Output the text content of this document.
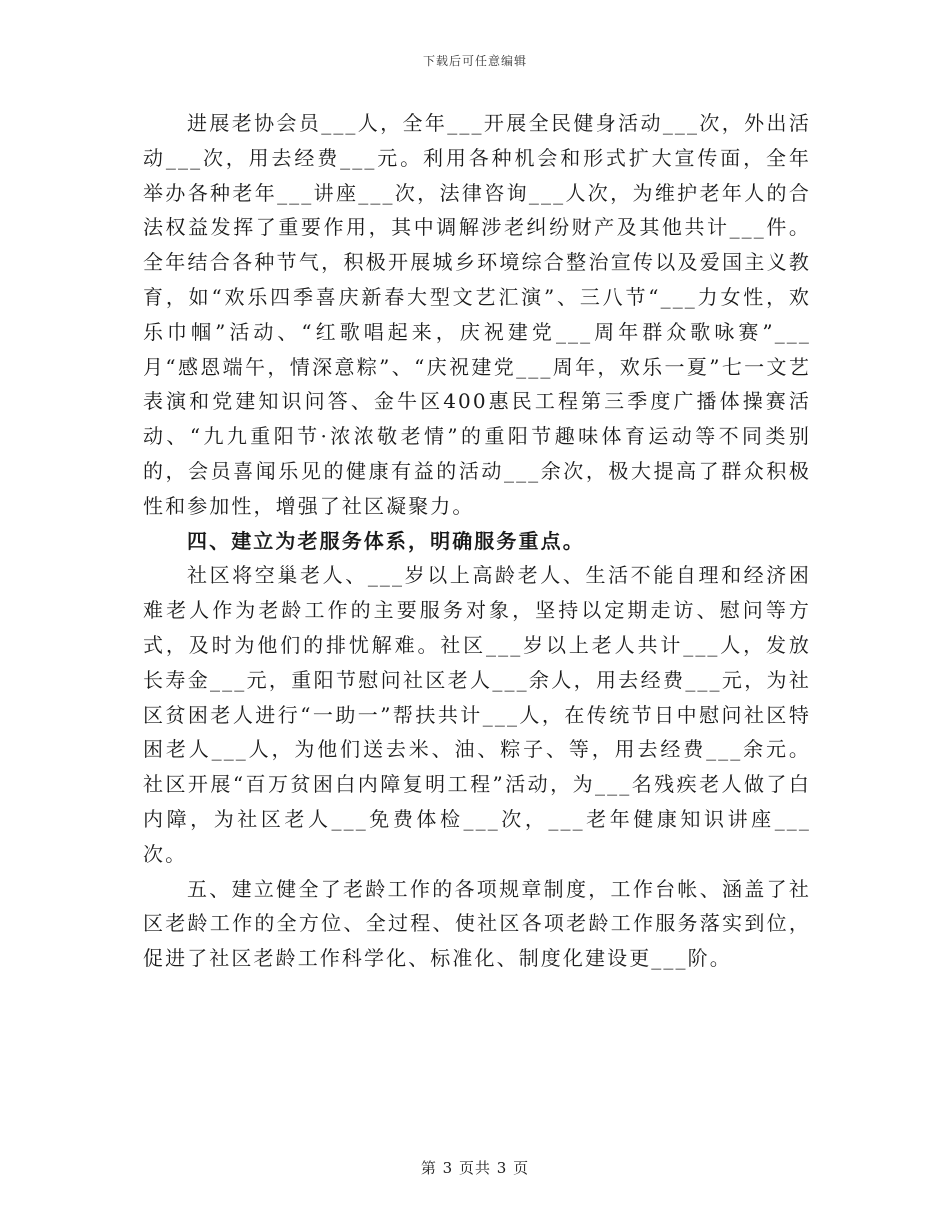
下载后可任意编辑

进展老协会员___人，全年___开展全民健身活动___次，外出活动___次，用去经费___元。利用各种机会和形式扩大宣传面，全年举办各种老年___讲座___次，法律咨询___人次，为维护老年人的合法权益发挥了重要作用，其中调解涉老纠纷财产及其他共计___件。全年结合各种节气，积极开展城乡环境综合整治宣传以及爱国主义教育，如“欢乐四季喜庆新春大型文艺汇演”、三八节“___力女性，欢乐巾帼”活动、“红歌唱起来，庆祝建党___周年群众歌咏赛”___月“感恩端午，情深意粽”、“庆祝建党___周年，欢乐一夏”七一文艺表演和党建知识问答、金牛区400惠民工程第三季度广播体操赛活动、“九九重阳节·浓浓敬老情”的重阳节趣味体育运动等不同类别的，会员喜闻乐见的健康有益的活动___余次，极大提高了群众积极性和参加性，增强了社区凝聚力。

四、建立为老服务体系，明确服务重点。

社区将空巢老人、___岁以上高龄老人、生活不能自理和经济困难老人作为老龄工作的主要服务对象，坚持以定期走访、慰问等方式，及时为他们的排忧解难。社区___岁以上老人共计___人，发放长寿金___元，重阳节慰问社区老人___余人，用去经费___元，为社区贫困老人进行“一助一”帮扶共计___人，在传统节日中慰问社区特困老人___人，为他们送去米、油、粽子、等，用去经费___余元。社区开展“百万贫困白内障复明工程”活动，为___名残疾老人做了白内障，为社区老人___免费体检___次，___老年健康知识讲座___次。

五、建立健全了老龄工作的各项规章制度，工作台帐、涵盖了社区老龄工作的全方位、全过程、使社区各项老龄工作服务落实到位，促进了社区老龄工作科学化、标准化、制度化建设更___阶。

第 3 页共 3 页
